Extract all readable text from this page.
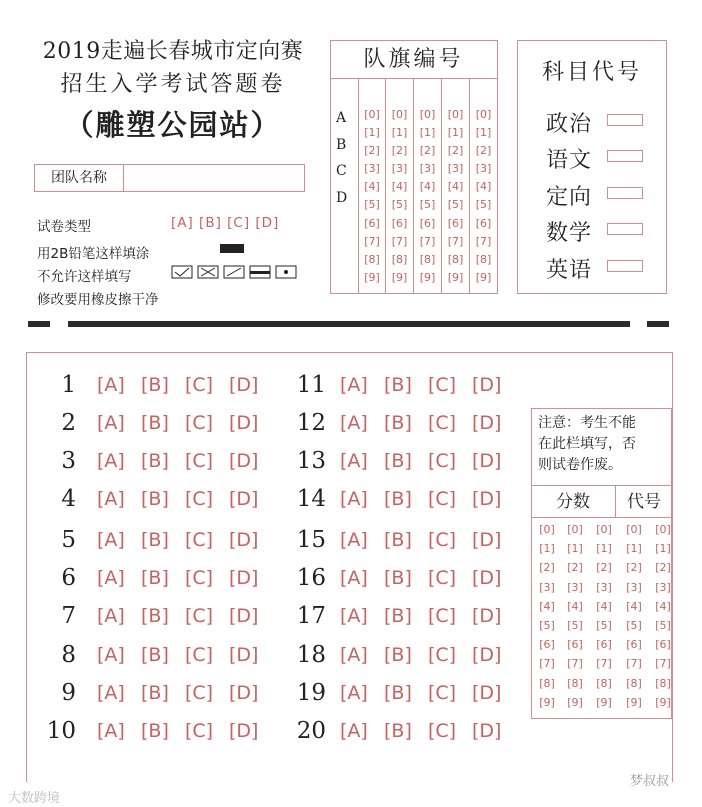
2019走遍长春城市定向赛
招生入学考试答题卷
（雕塑公园站）
团队名称
试卷类型	[A] [B] [C] [D]
用2B铅笔这样填涂
不允许这样填写
修改要用橡皮擦干净
队旗编号
A
B
C
D
[0]
[1]
[2]
[3]
[4]
[5]
[6]
[7]
[8]
[9]
[0]
[1]
[2]
[3]
[4]
[5]
[6]
[7]
[8]
[9]
[0]
[1]
[2]
[3]
[4]
[5]
[6]
[7]
[8]
[9]
[0]
[1]
[2]
[3]
[4]
[5]
[6]
[7]
[8]
[9]
[0]
[1]
[2]
[3]
[4]
[5]
[6]
[7]
[8]
[9]
科目代号
政治
语文
定向
数学
英语
1 [A] [B] [C] [D]
2 [A] [B] [C] [D]
3 [A] [B] [C] [D]
4 [A] [B] [C] [D]
5 [A] [B] [C] [D]
6 [A] [B] [C] [D]
7 [A] [B] [C] [D]
8 [A] [B] [C] [D]
9 [A] [B] [C] [D]
10 [A] [B] [C] [D]
11 [A] [B] [C] [D]
12 [A] [B] [C] [D]
13 [A] [B] [C] [D]
14 [A] [B] [C] [D]
15 [A] [B] [C] [D]
16 [A] [B] [C] [D]
17 [A] [B] [C] [D]
18 [A] [B] [C] [D]
19 [A] [B] [C] [D]
20 [A] [B] [C] [D]
注意：考生不能
在此栏填写，否
则试卷作废。
分数	代号
[0]
[1]
[2]
[3]
[4]
[5]
[6]
[7]
[8]
[9]
[0]
[1]
[2]
[3]
[4]
[5]
[6]
[7]
[8]
[9]
[0]
[1]
[2]
[3]
[4]
[5]
[6]
[7]
[8]
[9]
[0]
[1]
[2]
[3]
[4]
[5]
[6]
[7]
[8]
[9]
[0]
[1]
[2]
[3]
[4]
[5]
[6]
[7]
[8]
[9]
大数跨境
梦叔叔
